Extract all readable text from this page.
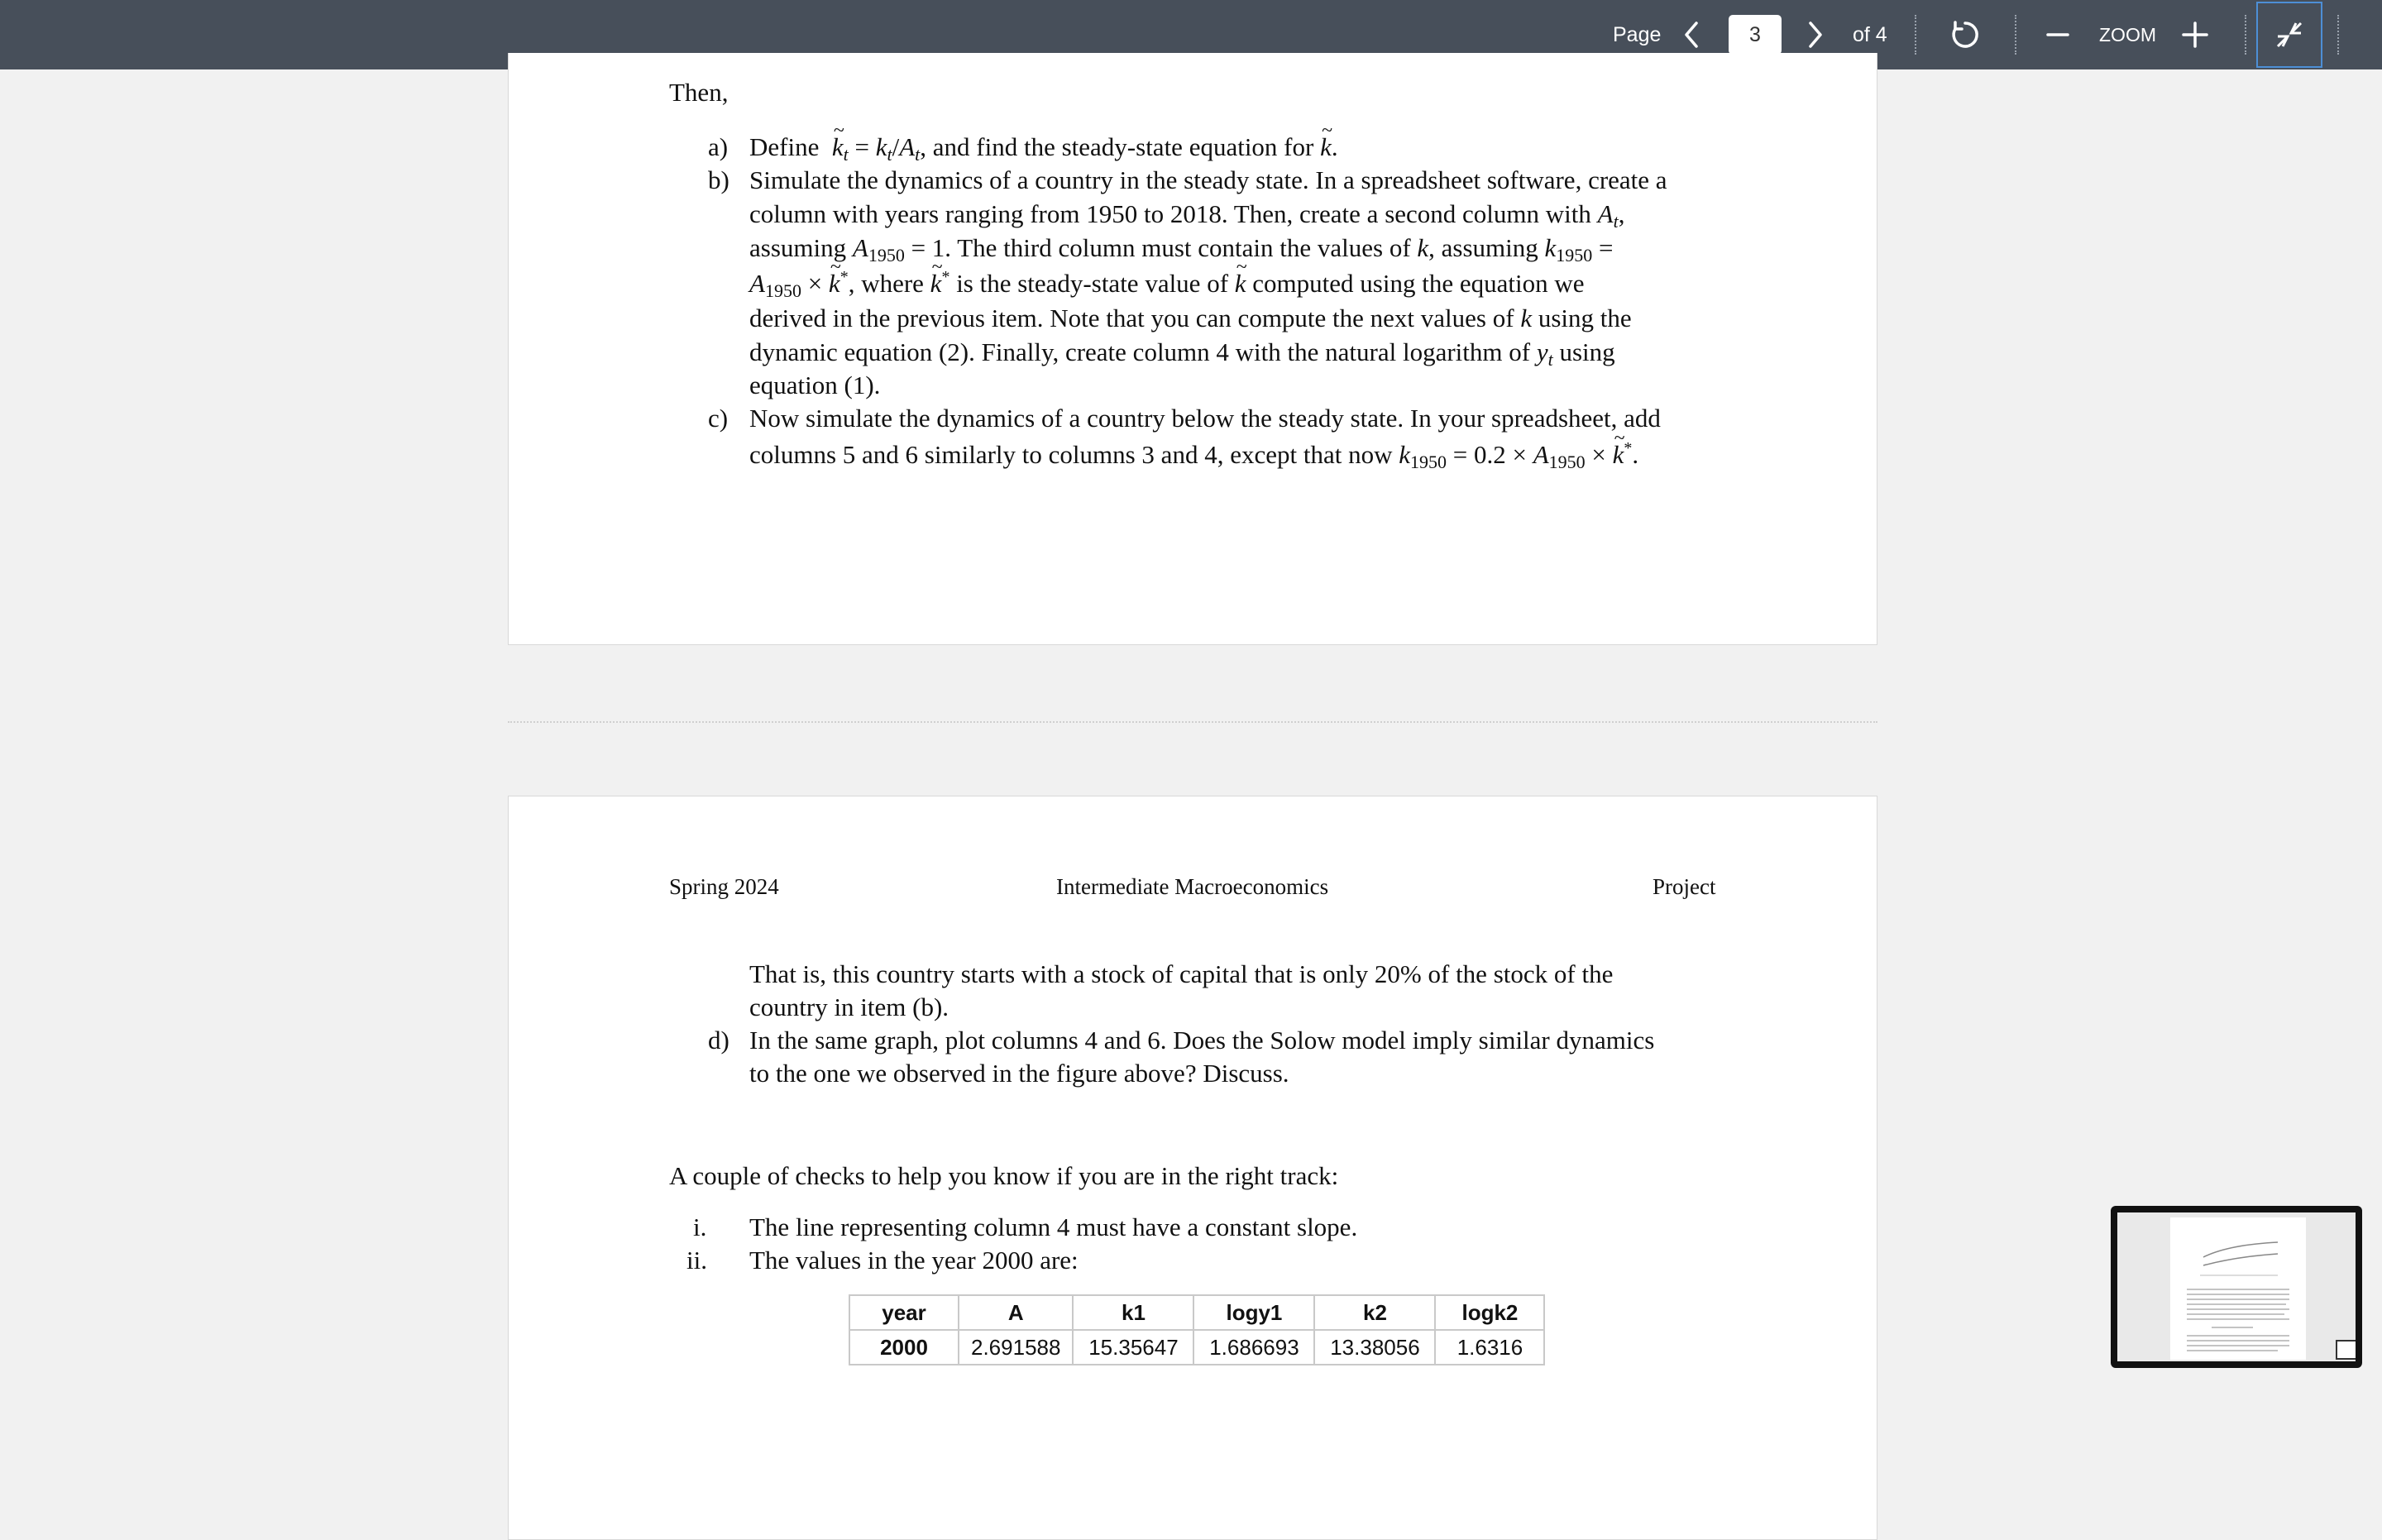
Page
3	of 4	ZOOM
Then,
a) Define ~ $k_t = k_t/A_t$, and find the steady-state equation for ~ k.
b) Simulate the dynamics of a country in the steady state. In a spreadsheet software, create a
column with years ranging from 1950 to 2018. Then, create a second column with $A_t$,
assuming $A_{1950} = 1$. The third column must contain the values of k, assuming $k_{1950}$ =
$A_{1950}$ × ~ k*, where ~ k* is the steady-state value of ~ k computed using the equation we
derived in the previous item. Note that you can compute the next values of k using the
dynamic equation (2). Finally, create column 4 with the natural logarithm of $y_t$ using
equation (1).
c) Now simulate the dynamics of a country below the steady state. In your spreadsheet, add
columns 5 and 6 similarly to columns 3 and 4, except that now $k_{1950} = 0.2 \times A_{1950}$ × ~ k*.
Spring 2024	Intermediate Macroeconomics	Project
That is, this country starts with a stock of capital that is only 20% of the stock of the
country in item (b).
d) In the same graph, plot columns 4 and 6. Does the Solow model imply similar dynamics
to the one we observed in the figure above? Discuss.
A couple of checks to help you know if you are in the right track:
i. The line representing column 4 must have a constant slope.
ii. The values in the year 2000 are:
year	A	k1	logy1	k2	logk2
2000	2.691588	15.35647	1.686693	13.38056	1.6316
